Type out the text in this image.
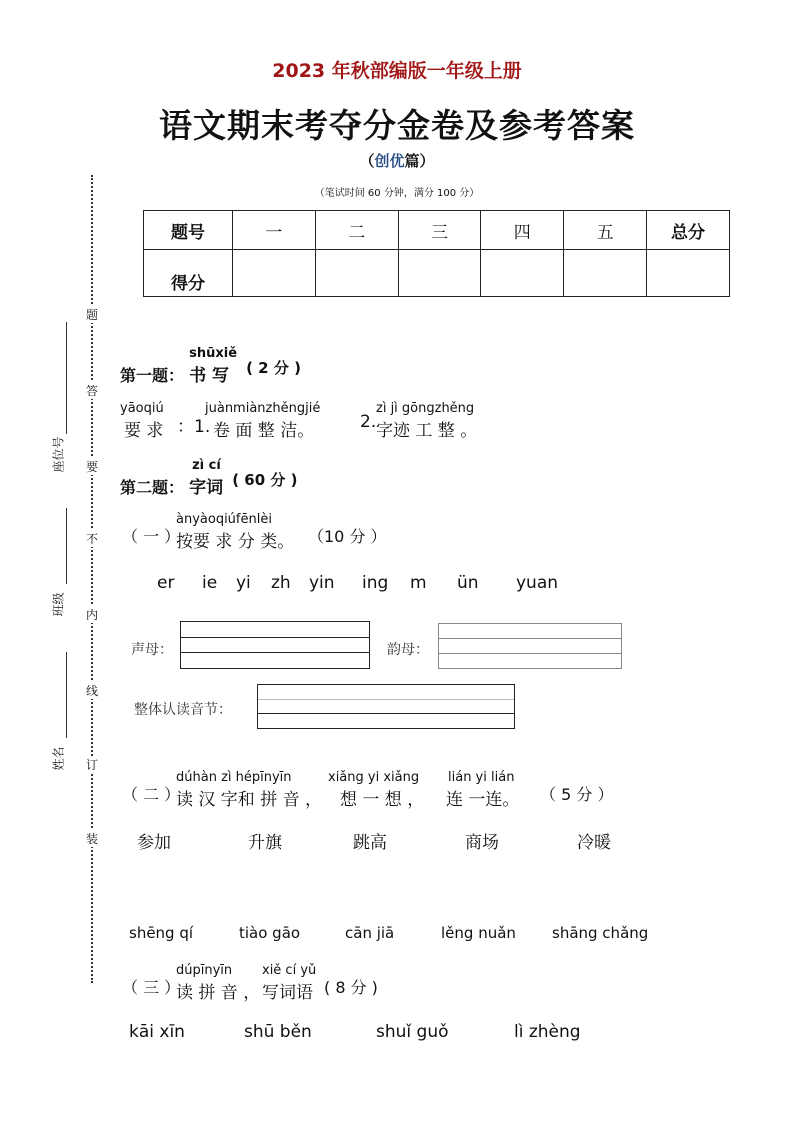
2023 年秋部编版一年级上册
语文期末考夺分金卷及参考答案
（创优篇）
（笔试时间 60 分钟，满分 100 分）
题号	一	二	三	四	五	总分
得分						
题
答
要
不
内
线
订
装
座位号
班级
姓名
第一题：
shūxiě
书 写	( 2 分 )
yāoqiú
要 求 ：1.
juànmiànzhěngjié
卷 面 整 洁。	2.
zì jì gōngzhěng
字迹 工 整 。
第二题：
zì cí
字词 ( 60 分 )
（ 一 ）
ànyàoqiúfēnlèi
按要 求 分 类。 （10 分 ）
er ie yi zh yin ing m ün yuan
声母：	韵母：
整体认读音节：
（ 二 ）
dúhàn zì hépīnyīn
读 汉 字和 拼 音 ，
xiǎng yi xiǎng
想 一 想 ，
lián yi lián
连 一连。 （ 5 分 ）
参加	升旗	跳高	商场	冷暖
shēng qí	tiào gāo	cān jiā	lěng nuǎn shāng chǎng
（ 三 ）
dúpīnyīn
读 拼 音 ，
xiě cí yǔ
写词语 ( 8 分 )
kāi xīn	shū běn	shuǐ guǒ	lì zhèng
